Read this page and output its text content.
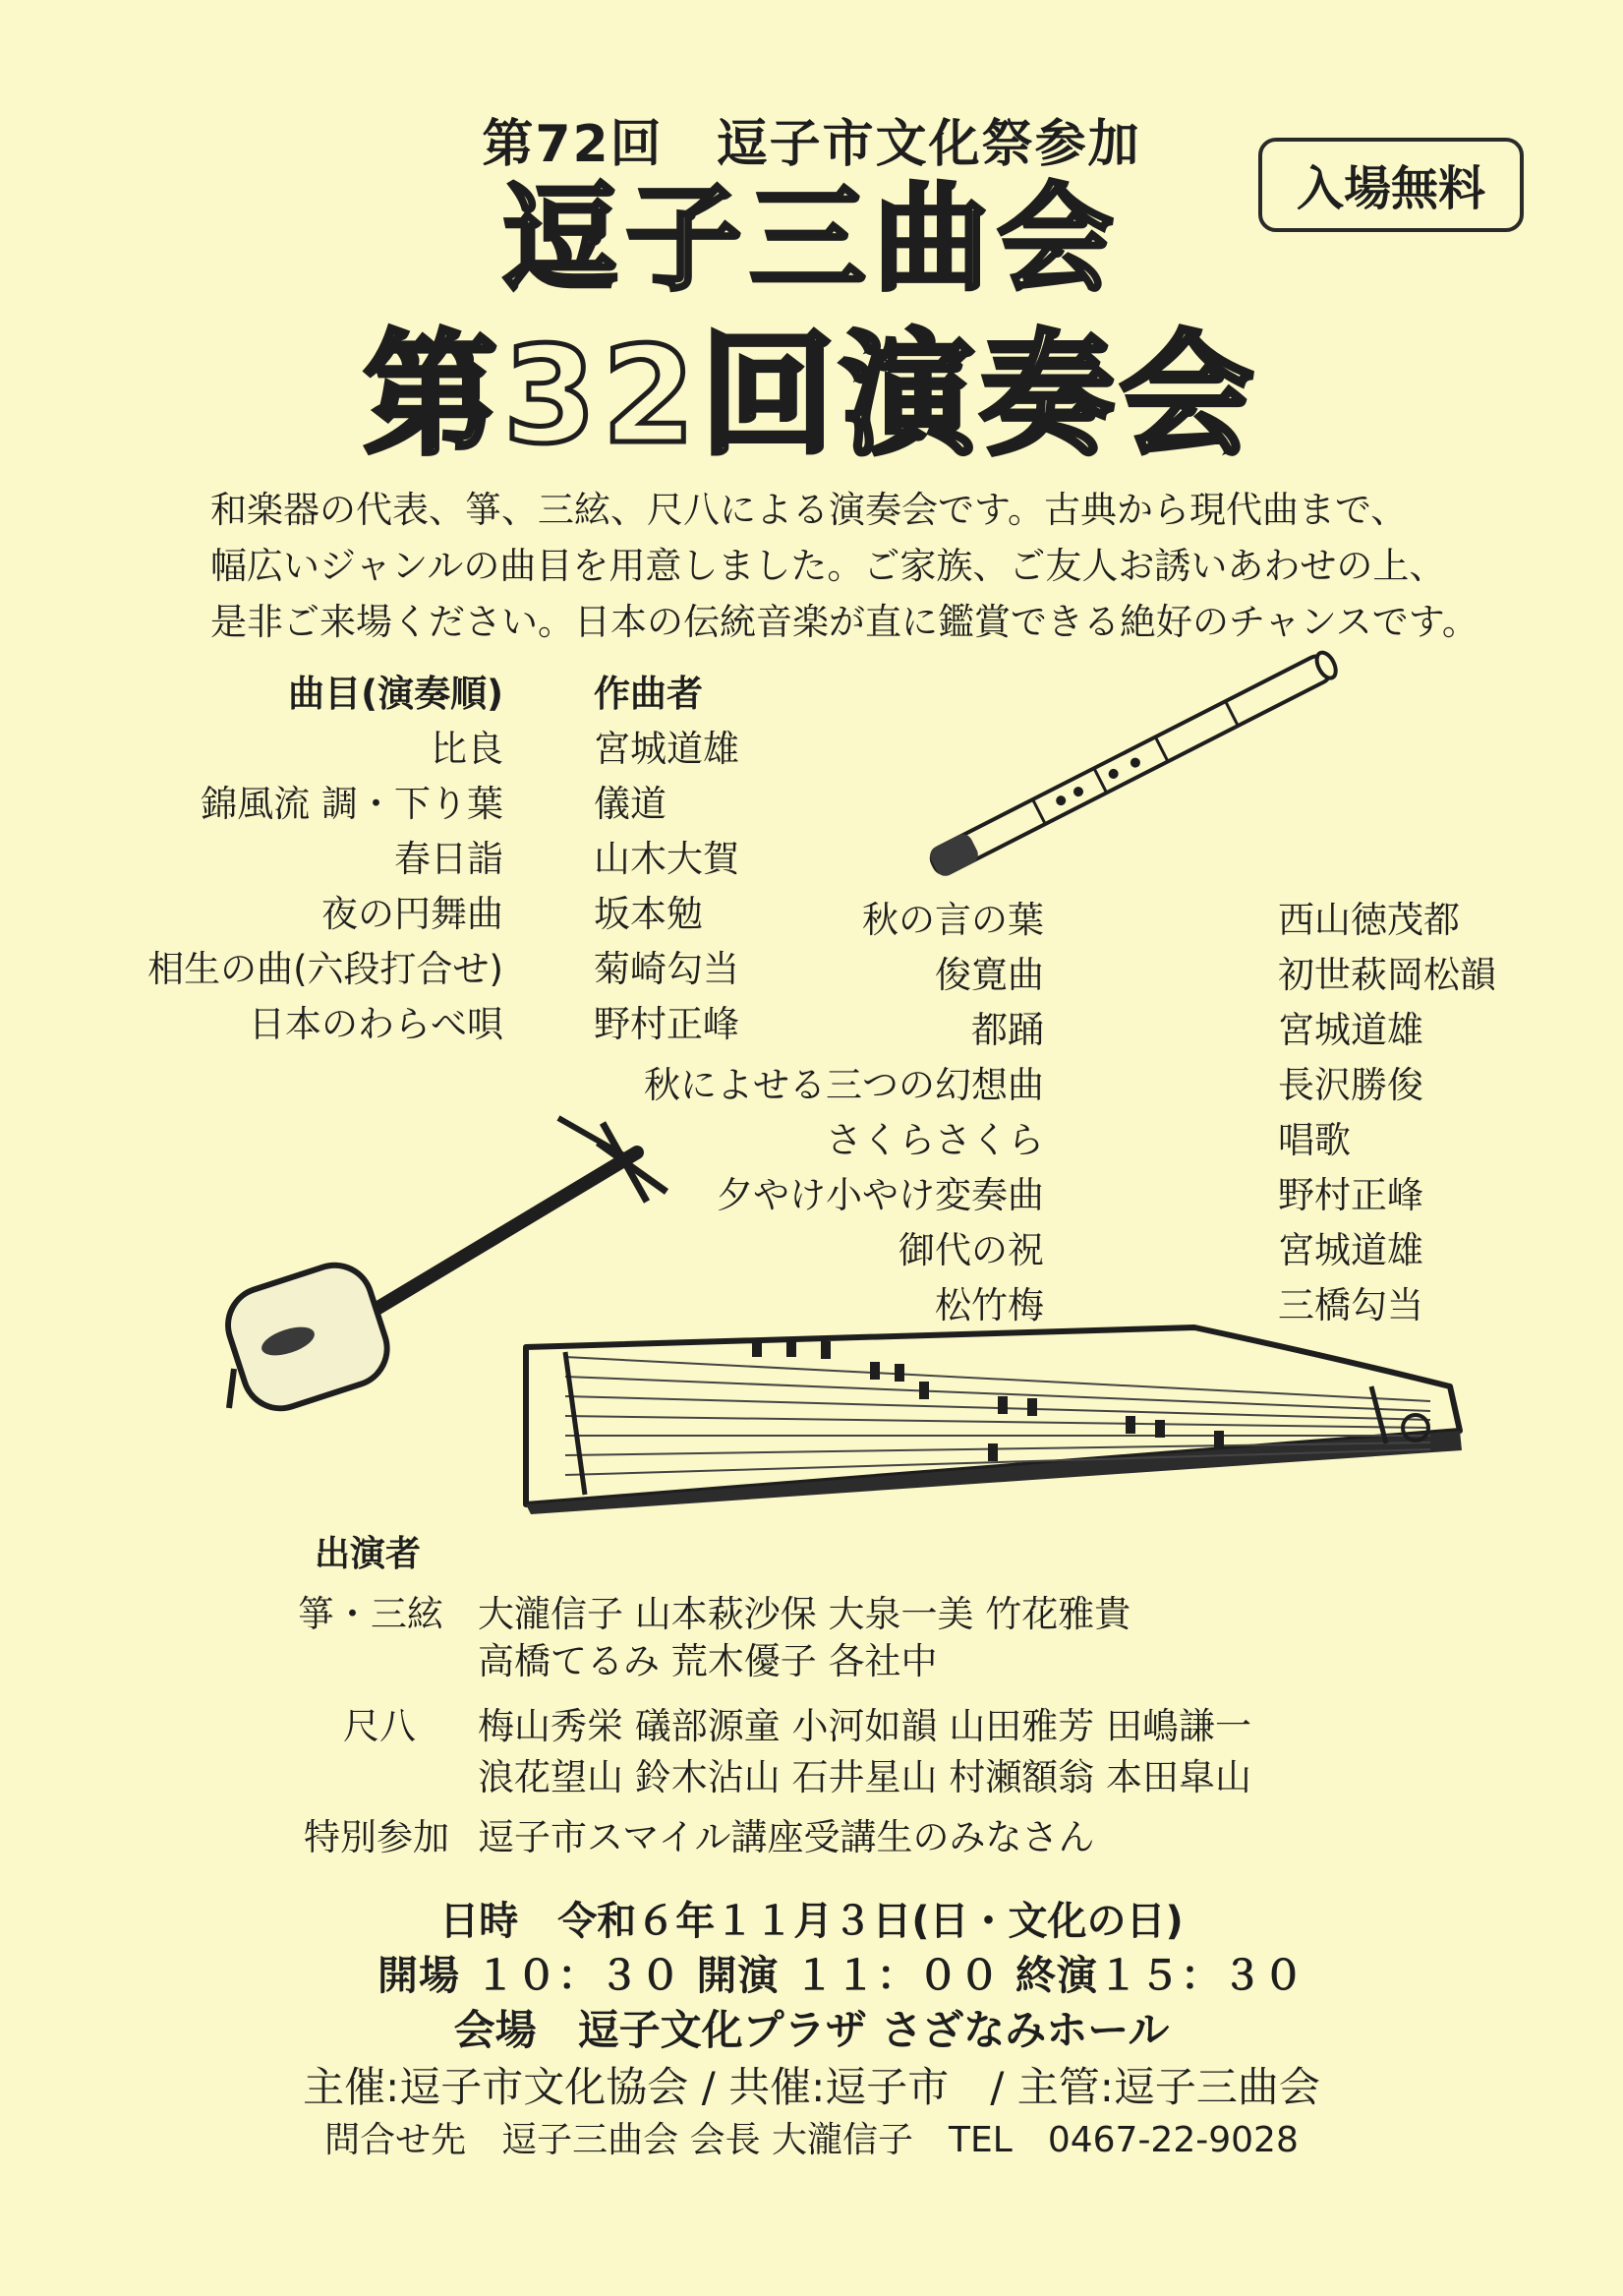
第72回　逗子市文化祭参加
入場無料
逗子三曲会
第32回演奏会
和楽器の代表、箏、三絃、尺八による演奏会です。古典から現代曲まで、
幅広いジャンルの曲目を用意しました。ご家族、ご友人お誘いあわせの上、
是非ご来場ください。日本の伝統音楽が直に鑑賞できる絶好のチャンスです。
曲目(演奏順) 作曲者
比良 宮城道雄
錦風流 調・下り葉 儀道
春日詣 山木大賀
夜の円舞曲 坂本勉
相生の曲(六段打合せ) 菊崎勾当
日本のわらべ唄 野村正峰
秋の言の葉	西山徳茂都
俊寛曲	初世萩岡松韻
都踊	宮城道雄
秋によせる三つの幻想曲	長沢勝俊
さくらさくら	唱歌
夕やけ小やけ変奏曲	野村正峰
御代の祝	宮城道雄
松竹梅	三橋勾当
出演者
箏・三絃 大瀧信子 山本萩沙保 大泉一美 竹花雅貴
高橋てるみ 荒木優子 各社中
尺八 梅山秀栄 礒部源童 小河如韻 山田雅芳 田嶋謙一
浪花望山 鈴木沾山 石井星山 村瀬額翁 本田皐山
特別参加 逗子市スマイル講座受講生のみなさん
日時　令和６年１１月３日(日・文化の日)
開場 １０：３０ 開演 １１：００ 終演１５：３０
会場　逗子文化プラザ さざなみホール
主催:逗子市文化協会 / 共催:逗子市　/ 主管:逗子三曲会
問合せ先　逗子三曲会 会長 大瀧信子　TEL　0467-22-9028
